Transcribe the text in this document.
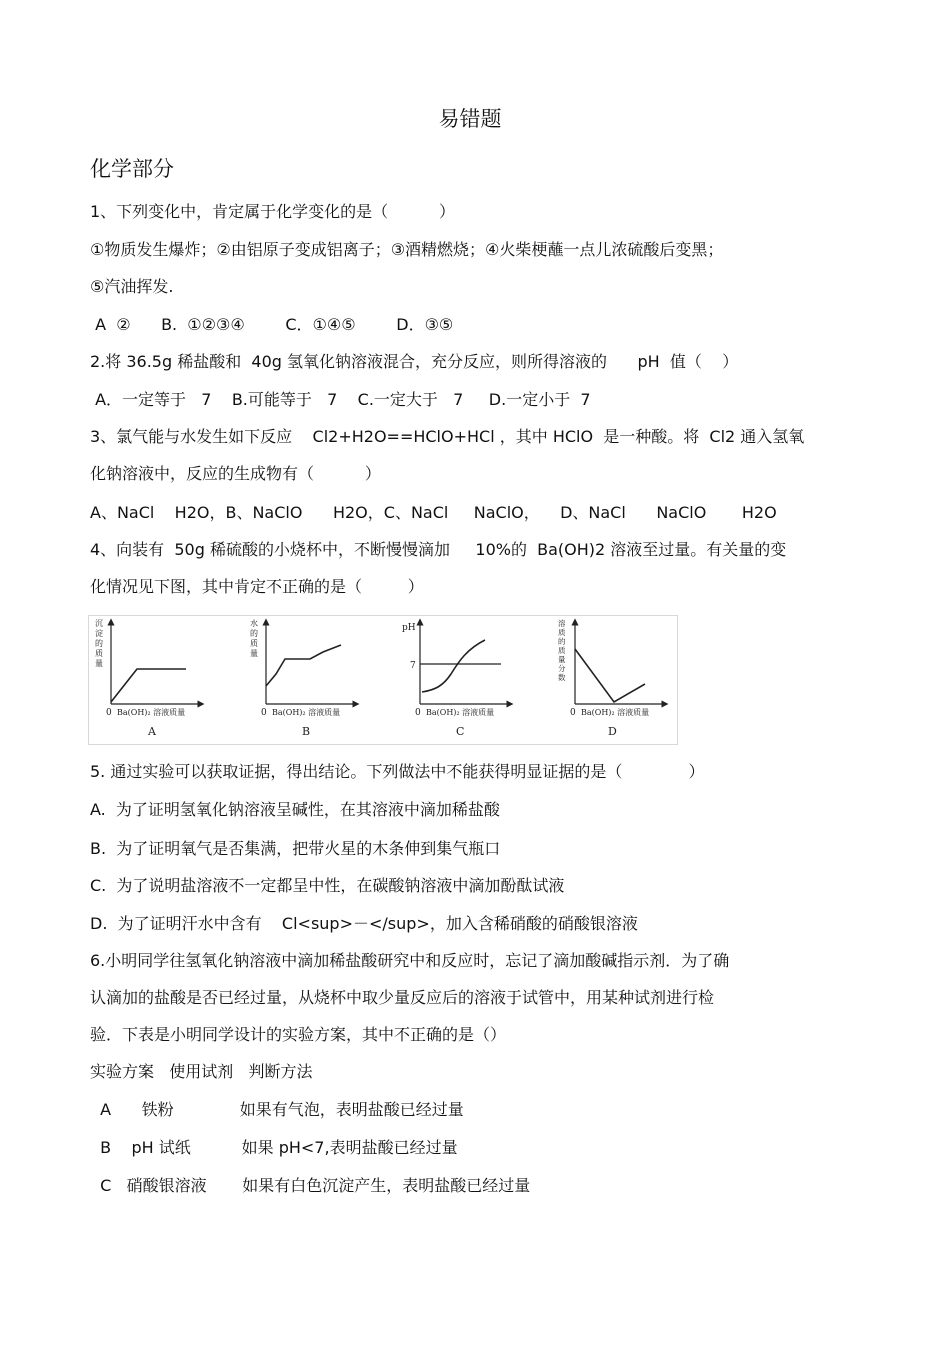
易错题
化学部分
1、下列变化中，肯定属于化学变化的是（          ）
①物质发生爆炸；②由铝原子变成铝离子；③酒精燃烧；④火柴梗蘸一点儿浓硫酸后变黑；
⑤汽油挥发.
A  ②      B.  ①②③④        C．①④⑤        D．③⑤
2.将 36.5g 稀盐酸和  40g 氢氧化钠溶液混合，充分反应，则所得溶液的      pH  值（    ）
A．一定等于   7    B.可能等于   7    C.一定大于   7     D.一定小于  7
3、氯气能与水发生如下反应    Cl2+H2O==HClO+HCl ，其中 HClO  是一种酸。将  Cl2 通入氢氧
化钠溶液中，反应的生成物有（          ）
A、NaCl    H2O，B、NaClO      H2O，C、NaCl     NaClO，    D、NaCl      NaClO       H2O
4、向装有  50g 稀硫酸的小烧杯中，不断慢慢滴加     10%的  Ba(OH)2 溶液至过量。有关量的变
化情况见下图，其中肯定不正确的是（         ）
沉
淀
的
质
量
0 Ba(OH)₂ 溶液质量
A
水
的
质
量
0 Ba(OH)₂ 溶液质量
B
pH
7
0 Ba(OH)₂ 溶液质量
C
溶
质
的
质
量
分
数
0 Ba(OH)₂ 溶液质量
D
5. 通过实验可以获取证据，得出结论。下列做法中不能获得明显证据的是（             ）
A.  为了证明氢氧化钠溶液呈碱性，在其溶液中滴加稀盐酸
B.  为了证明氧气是否集满，把带火星的木条伸到集气瓶口
C.  为了说明盐溶液不一定都呈中性，在碳酸钠溶液中滴加酚酞试液
D.  为了证明汗水中含有    Cl<sup>－</sup>，加入含稀硝酸的硝酸银溶液
6.小明同学往氢氧化钠溶液中滴加稀盐酸研究中和反应时，忘记了滴加酸碱指示剂．为了确
认滴加的盐酸是否已经过量，从烧杯中取少量反应后的溶液于试管中，用某种试剂进行检
验．下表是小明同学设计的实验方案，其中不正确的是（）
实验方案   使用试剂   判断方法
A      铁粉             如果有气泡，表明盐酸已经过量
B    pH 试纸          如果 pH<7,表明盐酸已经过量
C   硝酸银溶液       如果有白色沉淀产生，表明盐酸已经过量
